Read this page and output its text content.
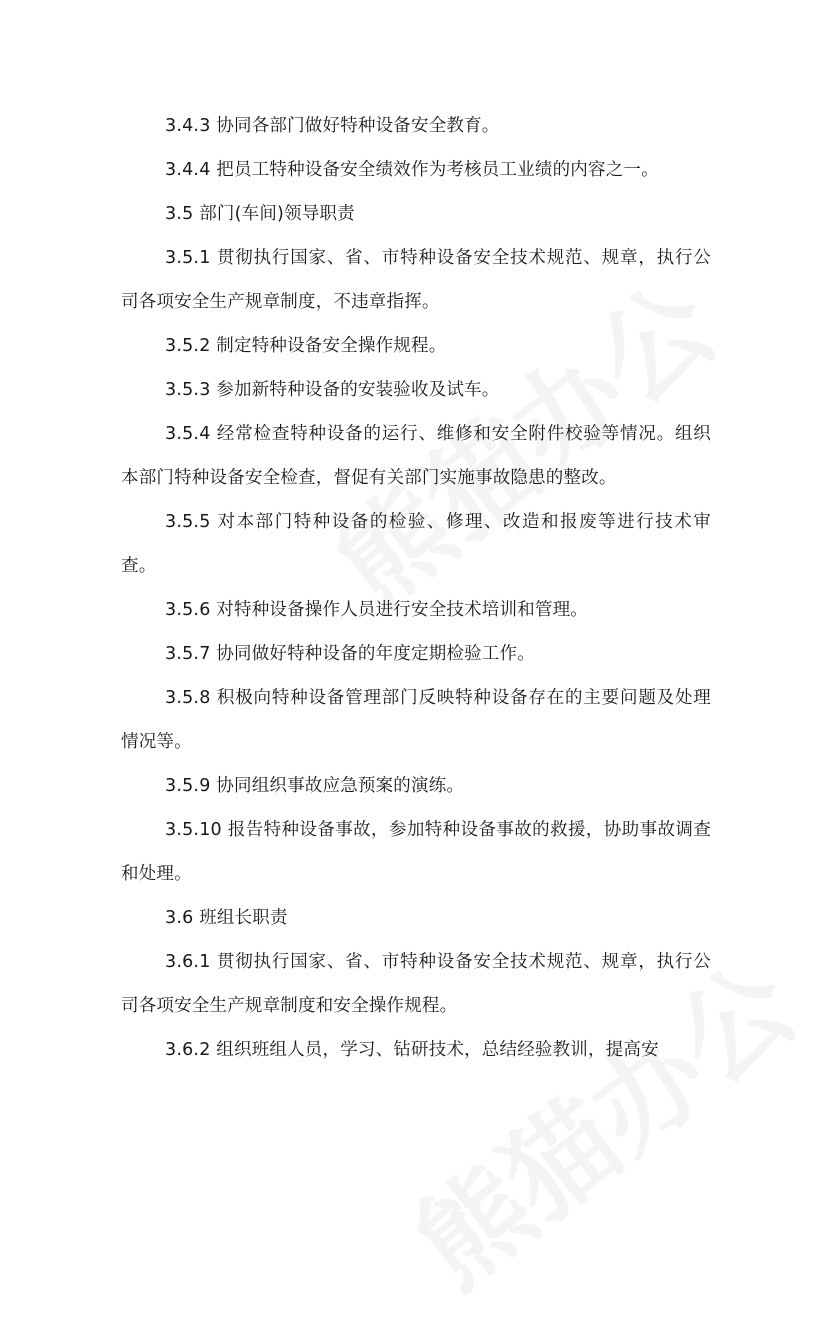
3.4.3 协同各部门做好特种设备安全教育。

3.4.4 把员工特种设备安全绩效作为考核员工业绩的内容之一。

3.5 部门(车间)领导职责

3.5.1 贯彻执行国家、省、市特种设备安全技术规范、规章，执行公司各项安全生产规章制度，不违章指挥。

3.5.2 制定特种设备安全操作规程。

3.5.3 参加新特种设备的安装验收及试车。

3.5.4 经常检查特种设备的运行、维修和安全附件校验等情况。组织本部门特种设备安全检查，督促有关部门实施事故隐患的整改。

3.5.5 对本部门特种设备的检验、修理、改造和报废等进行技术审查。

3.5.6 对特种设备操作人员进行安全技术培训和管理。

3.5.7 协同做好特种设备的年度定期检验工作。

3.5.8 积极向特种设备管理部门反映特种设备存在的主要问题及处理情况等。

3.5.9 协同组织事故应急预案的演练。

3.5.10 报告特种设备事故，参加特种设备事故的救援，协助事故调查和处理。

3.6 班组长职责

3.6.1 贯彻执行国家、省、市特种设备安全技术规范、规章，执行公司各项安全生产规章制度和安全操作规程。

3.6.2 组织班组人员，学习、钻研技术，总结经验教训，提高安
